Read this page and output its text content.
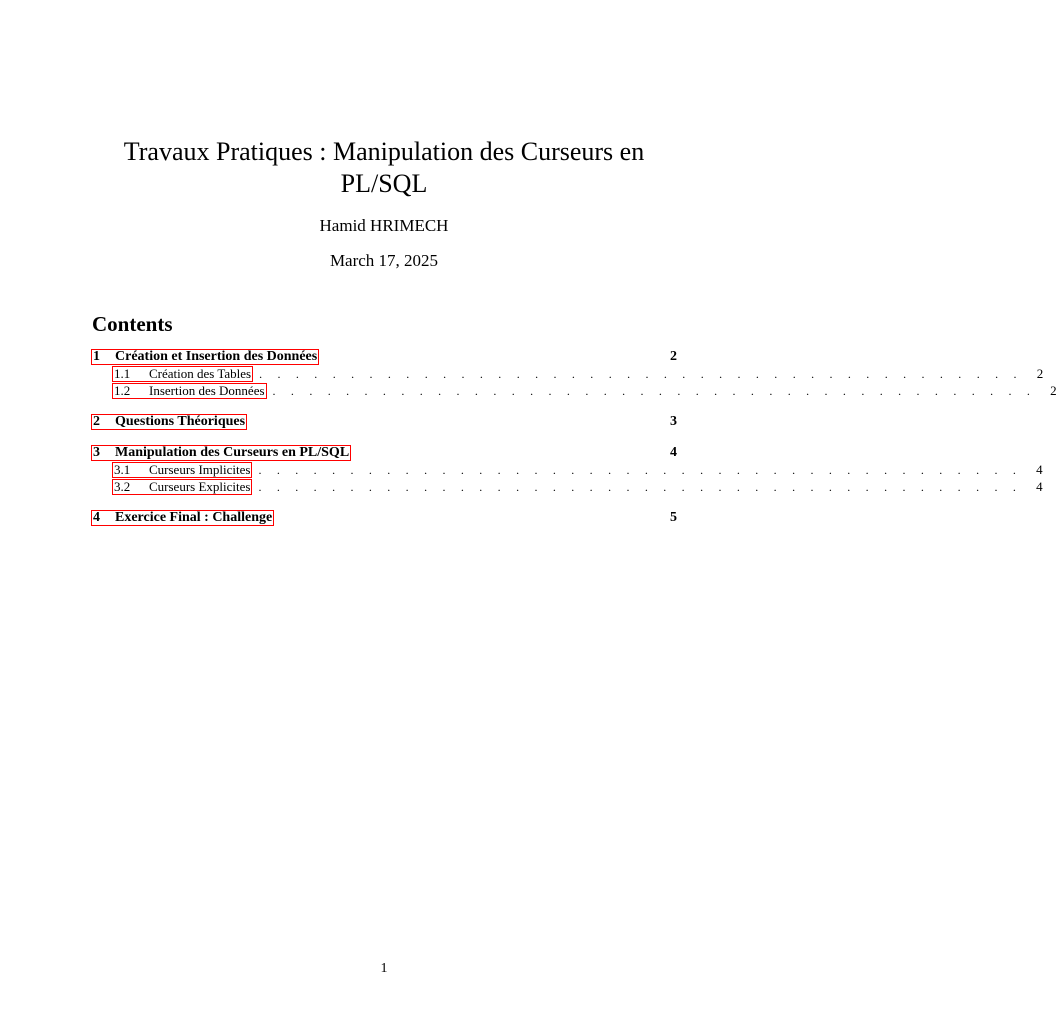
Travaux Pratiques : Manipulation des Curseurs en PL/SQL
Hamid HRIMECH
March 17, 2025
Contents
1 Création et Insertion des Données	2
1.1 Création des Tables . . . . . . . . . . . . . . . . . . . . . . . . . . . . . . . . . . . . . . . . . .	2
1.2 Insertion des Données . . . . . . . . . . . . . . . . . . . . . . . . . . . . . . . . . . . . . . . . . .	2
2 Questions Théoriques	3
3 Manipulation des Curseurs en PL/SQL	4
3.1 Curseurs Implicites . . . . . . . . . . . . . . . . . . . . . . . . . . . . . . . . . . . . . . . . . .	4
3.2 Curseurs Explicites . . . . . . . . . . . . . . . . . . . . . . . . . . . . . . . . . . . . . . . . . .	4
4 Exercice Final : Challenge	5
1
